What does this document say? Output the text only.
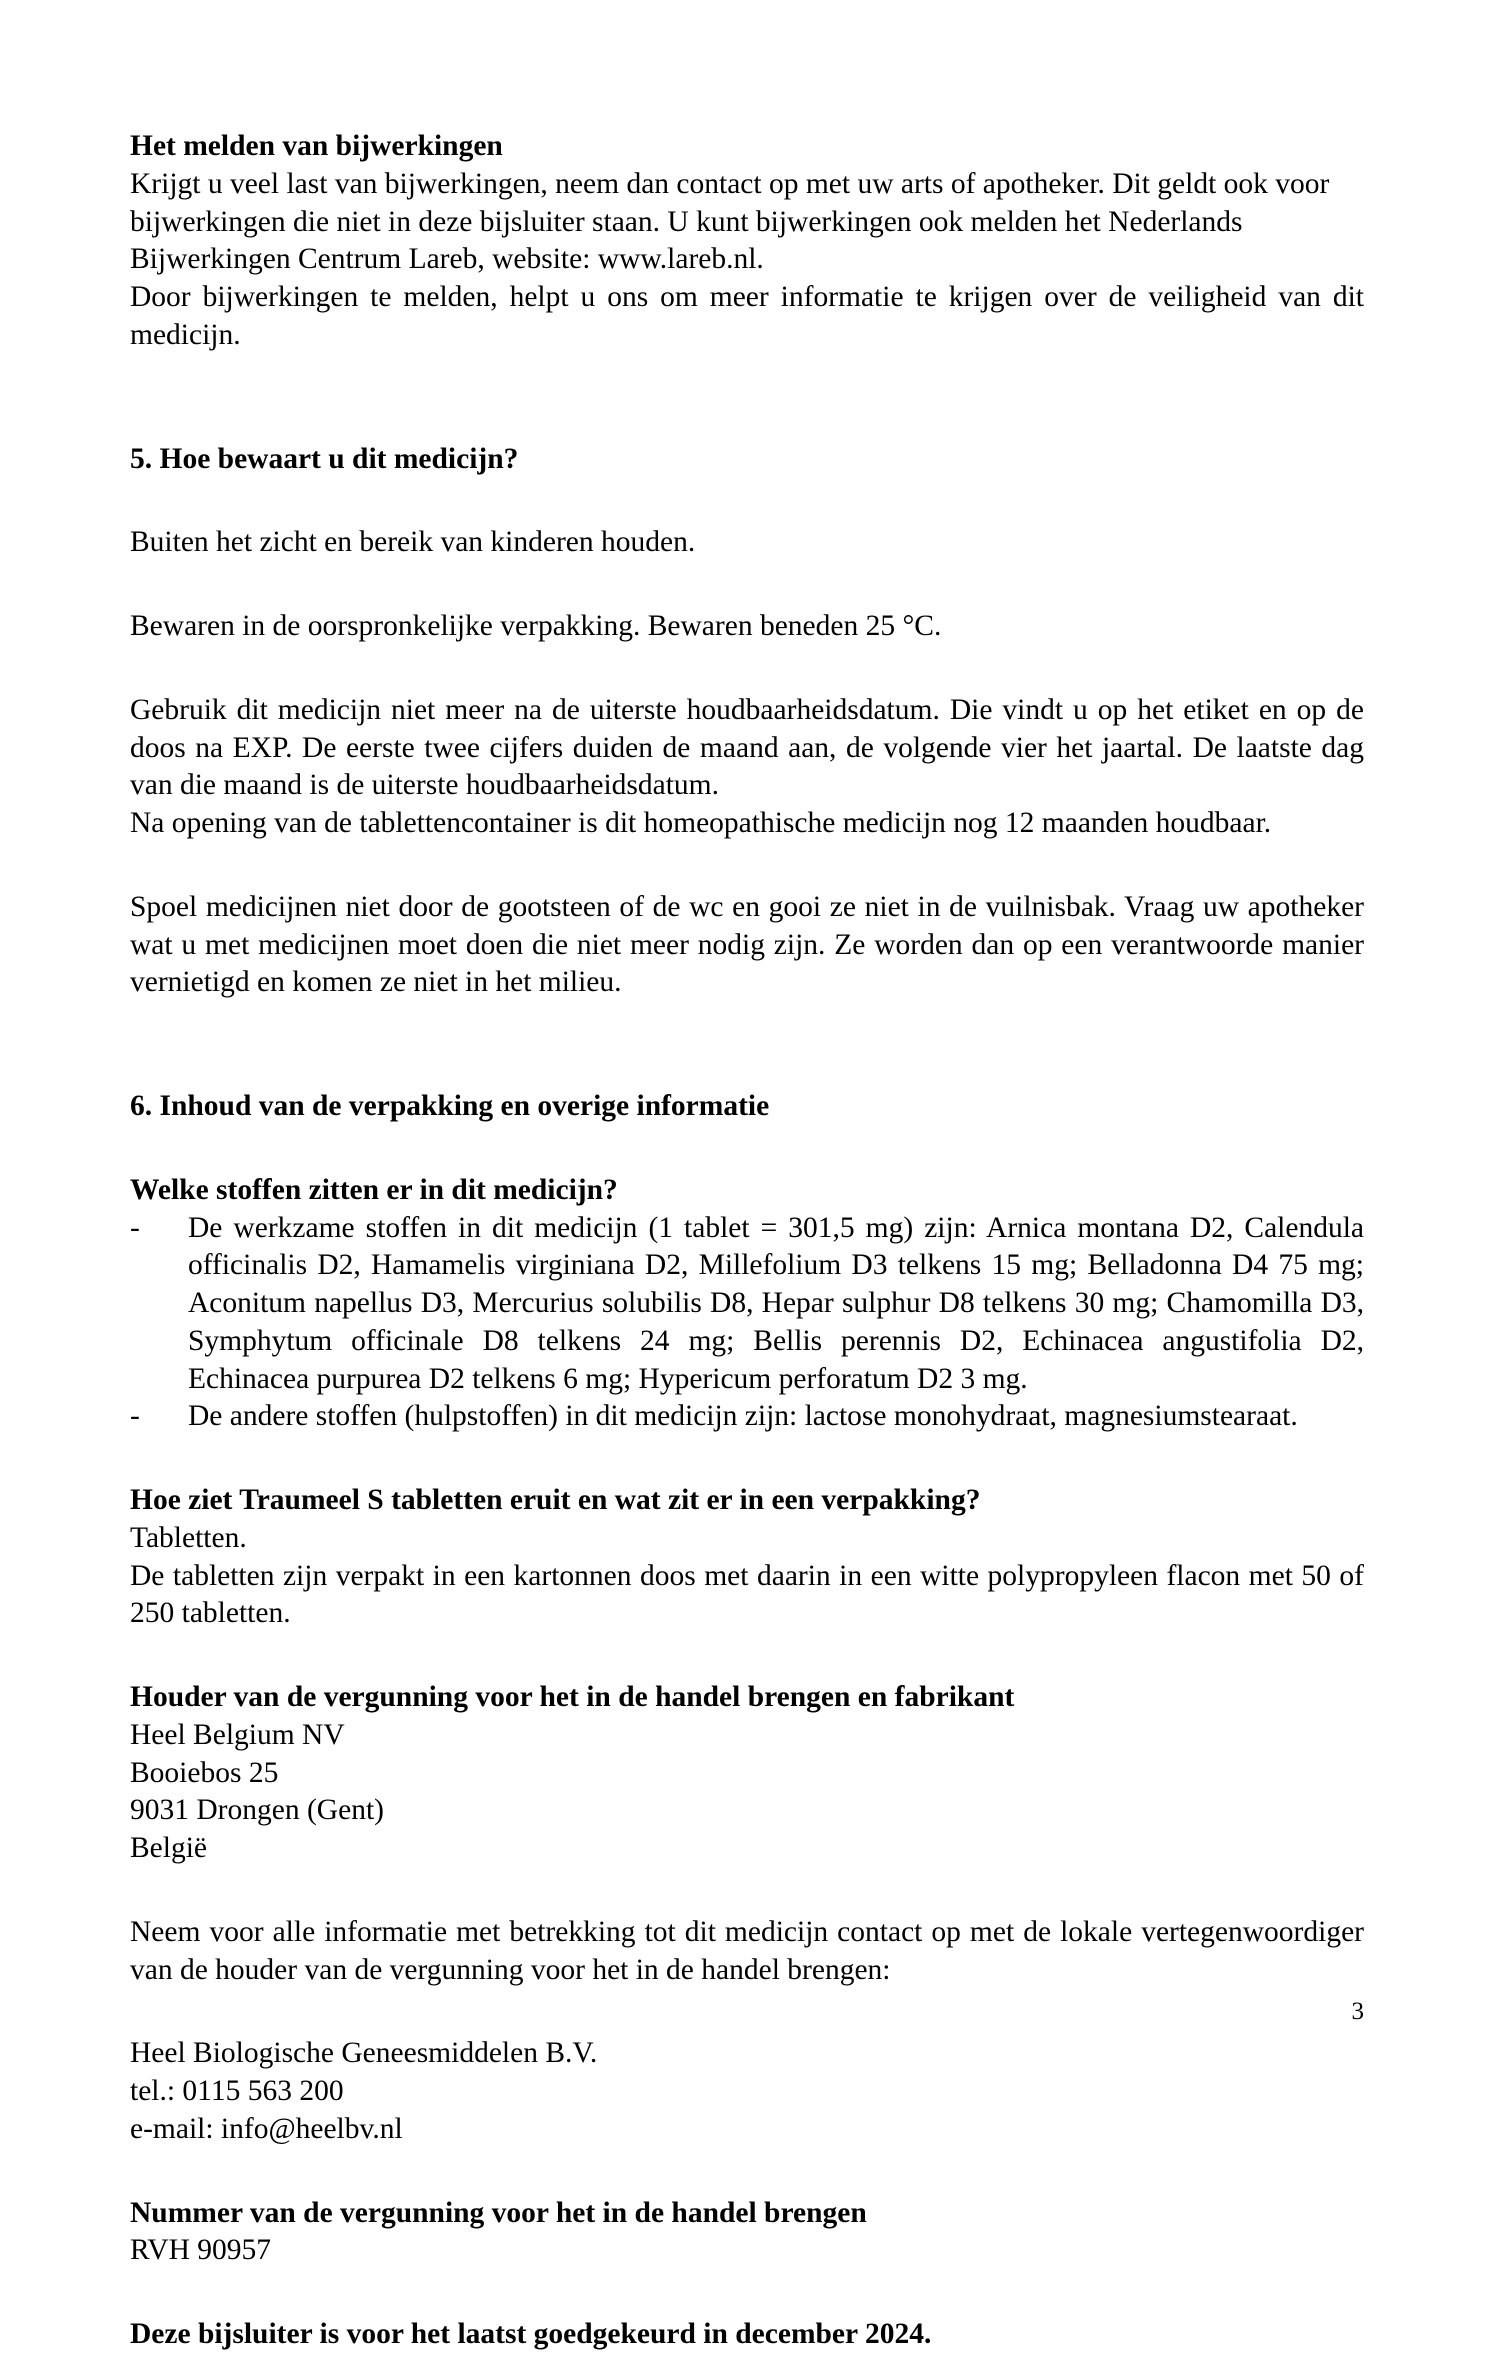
Het melden van bijwerkingen

Krijgt u veel last van bijwerkingen, neem dan contact op met uw arts of apotheker. Dit geldt ook voor bijwerkingen die niet in deze bijsluiter staan. U kunt bijwerkingen ook melden het Nederlands Bijwerkingen Centrum Lareb, website: www.lareb.nl.

Door bijwerkingen te melden, helpt u ons om meer informatie te krijgen over de veiligheid van dit medicijn.

5. Hoe bewaart u dit medicijn?

Buiten het zicht en bereik van kinderen houden.

Bewaren in de oorspronkelijke verpakking. Bewaren beneden 25 °C.

Gebruik dit medicijn niet meer na de uiterste houdbaarheidsdatum. Die vindt u op het etiket en op de doos na EXP. De eerste twee cijfers duiden de maand aan, de volgende vier het jaartal. De laatste dag van die maand is de uiterste houdbaarheidsdatum.

Na opening van de tablettencontainer is dit homeopathische medicijn nog 12 maanden houdbaar.

Spoel medicijnen niet door de gootsteen of de wc en gooi ze niet in de vuilnisbak. Vraag uw apotheker wat u met medicijnen moet doen die niet meer nodig zijn. Ze worden dan op een verantwoorde manier vernietigd en komen ze niet in het milieu.

6. Inhoud van de verpakking en overige informatie

Welke stoffen zitten er in dit medicijn?

-	De werkzame stoffen in dit medicijn (1 tablet = 301,5 mg) zijn: Arnica montana D2, Calendula officinalis D2, Hamamelis virginiana D2, Millefolium D3 telkens 15 mg; Belladonna D4 75 mg; Aconitum napellus D3, Mercurius solubilis D8, Hepar sulphur D8 telkens 30 mg; Chamomilla D3, Symphytum officinale D8 telkens 24 mg; Bellis perennis D2, Echinacea angustifolia D2, Echinacea purpurea D2 telkens 6 mg; Hypericum perforatum D2 3 mg.
-	De andere stoffen (hulpstoffen) in dit medicijn zijn: lactose monohydraat, magnesiumstearaat.

Hoe ziet Traumeel S tabletten eruit en wat zit er in een verpakking?

Tabletten.

De tabletten zijn verpakt in een kartonnen doos met daarin in een witte polypropyleen flacon met 50 of 250 tabletten.

Houder van de vergunning voor het in de handel brengen en fabrikant

Heel Belgium NV

Booiebos 25

9031 Drongen (Gent)

België

Neem voor alle informatie met betrekking tot dit medicijn contact op met de lokale vertegenwoordiger van de houder van de vergunning voor het in de handel brengen:

Heel Biologische Geneesmiddelen B.V.

tel.: 0115 563 200

e-mail: info@heelbv.nl

Nummer van de vergunning voor het in de handel brengen

RVH 90957

Deze bijsluiter is voor het laatst goedgekeurd in december 2024.

3
